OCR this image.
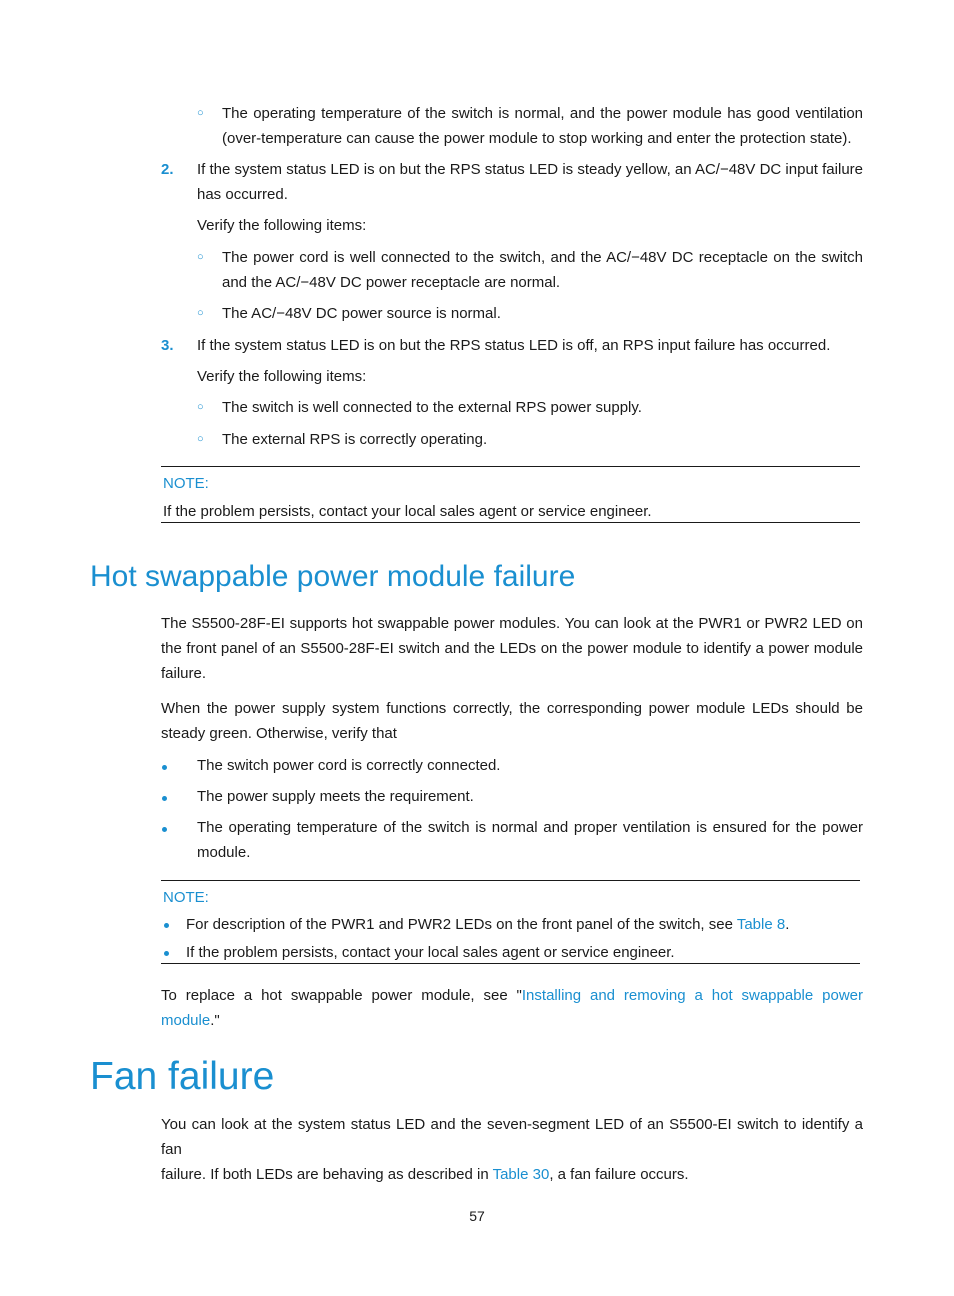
○ The operating temperature of the switch is normal, and the power module has good ventilation
(over-temperature can cause the power module to stop working and enter the protection state).
2. If the system status LED is on but the RPS status LED is steady yellow, an AC/−48V DC input failure
has occurred.
Verify the following items:
○ The power cord is well connected to the switch, and the AC/−48V DC receptacle on the switch
and the AC/−48V DC power receptacle are normal.
○ The AC/−48V DC power source is normal.
3. If the system status LED is on but the RPS status LED is off, an RPS input failure has occurred.
Verify the following items:
○ The switch is well connected to the external RPS power supply.
○ The external RPS is correctly operating.
NOTE:
If the problem persists, contact your local sales agent or service engineer.
Hot swappable power module failure
The S5500-28F-EI supports hot swappable power modules. You can look at the PWR1 or PWR2 LED on
the front panel of an S5500-28F-EI switch and the LEDs on the power module to identify a power module
failure.
When the power supply system functions correctly, the corresponding power module LEDs should be
steady green. Otherwise, verify that
The switch power cord is correctly connected.
The power supply meets the requirement.
The operating temperature of the switch is normal and proper ventilation is ensured for the power
module.
NOTE:
For description of the PWR1 and PWR2 LEDs on the front panel of the switch, see Table 8.
If the problem persists, contact your local sales agent or service engineer.
To replace a hot swappable power module, see "Installing and removing a hot swappable power
module."
Fan failure
You can look at the system status LED and the seven-segment LED of an S5500-EI switch to identify a fan
failure. If both LEDs are behaving as described in Table 30, a fan failure occurs.
57
